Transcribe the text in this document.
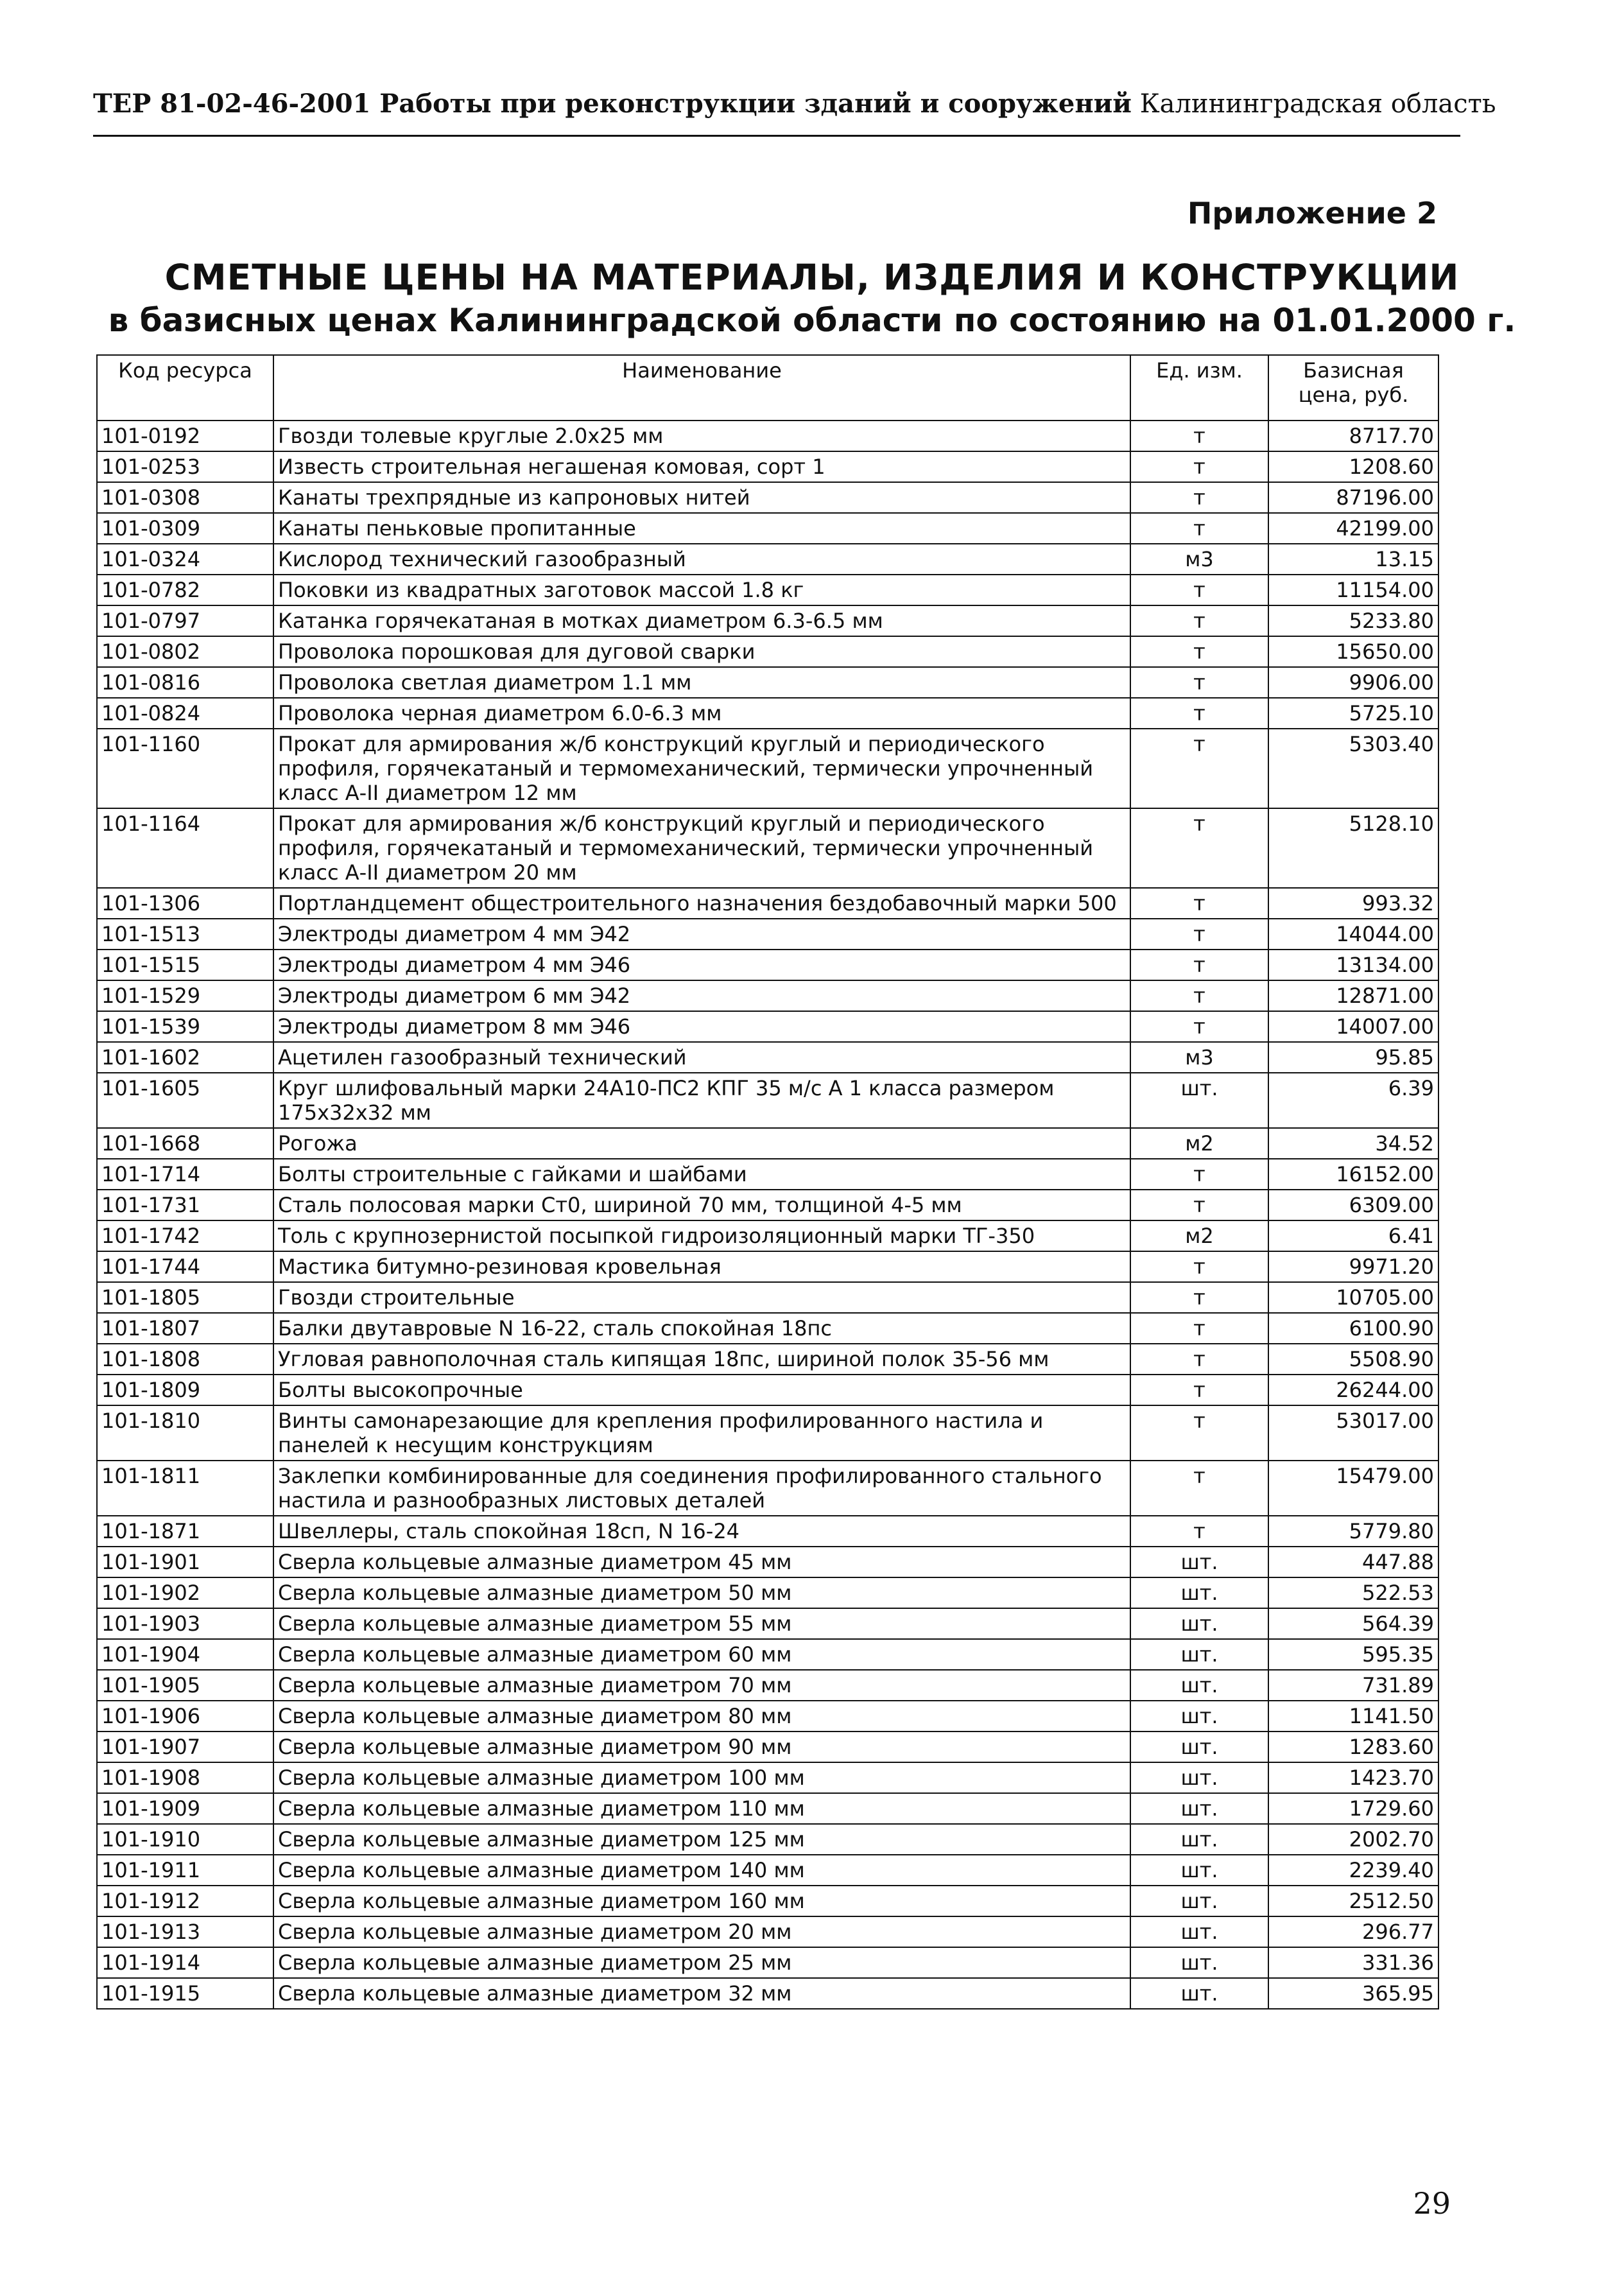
ТЕР 81-02-46-2001 Работы при реконструкции зданий и сооружений Калининградская область
Приложение 2
СМЕТНЫЕ ЦЕНЫ НА МАТЕРИАЛЫ, ИЗДЕЛИЯ И КОНСТРУКЦИИ
в базисных ценах Калининградской области по состоянию на 01.01.2000 г.
Код ресурса	Наименование	Ед. изм.	Базисная цена, руб.
101-0192	Гвозди толевые круглые 2.0х25 мм	т	8717.70
101-0253	Известь строительная негашеная комовая, сорт 1	т	1208.60
101-0308	Канаты трехпрядные из капроновых нитей	т	87196.00
101-0309	Канаты пеньковые пропитанные	т	42199.00
101-0324	Кислород технический газообразный	м3	13.15
101-0782	Поковки из квадратных заготовок массой 1.8 кг	т	11154.00
101-0797	Катанка горячекатаная в мотках диаметром 6.3-6.5 мм	т	5233.80
101-0802	Проволока порошковая для дуговой сварки	т	15650.00
101-0816	Проволока светлая диаметром 1.1 мм	т	9906.00
101-0824	Проволока черная диаметром 6.0-6.3 мм	т	5725.10
101-1160	Прокат для армирования ж/б конструкций круглый и периодического профиля, горячекатаный и термомеханический, термически упрочненный класс А-II диаметром 12 мм	т	5303.40
101-1164	Прокат для армирования ж/б конструкций круглый и периодического профиля, горячекатаный и термомеханический, термически упрочненный класс А-II диаметром 20 мм	т	5128.10
101-1306	Портландцемент общестроительного назначения бездобавочный марки 500	т	993.32
101-1513	Электроды диаметром 4 мм Э42	т	14044.00
101-1515	Электроды диаметром 4 мм Э46	т	13134.00
101-1529	Электроды диаметром 6 мм Э42	т	12871.00
101-1539	Электроды диаметром 8 мм Э46	т	14007.00
101-1602	Ацетилен газообразный технический	м3	95.85
101-1605	Круг шлифовальный марки 24А10-ПС2 КПГ 35 м/с А 1 класса размером 175х32х32 мм	шт.	6.39
101-1668	Рогожа	м2	34.52
101-1714	Болты строительные с гайками и шайбами	т	16152.00
101-1731	Сталь полосовая марки Ст0, шириной 70 мм, толщиной 4-5 мм	т	6309.00
101-1742	Толь с крупнозернистой посыпкой гидроизоляционный марки ТГ-350	м2	6.41
101-1744	Мастика битумно-резиновая кровельная	т	9971.20
101-1805	Гвозди строительные	т	10705.00
101-1807	Балки двутавровые N 16-22, сталь спокойная 18пс	т	6100.90
101-1808	Угловая равнополочная сталь кипящая 18пс, шириной полок 35-56 мм	т	5508.90
101-1809	Болты высокопрочные	т	26244.00
101-1810	Винты самонарезающие для крепления профилированного настила и панелей к несущим конструкциям	т	53017.00
101-1811	Заклепки комбинированные для соединения профилированного стального настила и разнообразных листовых деталей	т	15479.00
101-1871	Швеллеры, сталь спокойная 18сп, N 16-24	т	5779.80
101-1901	Сверла кольцевые алмазные диаметром 45 мм	шт.	447.88
101-1902	Сверла кольцевые алмазные диаметром 50 мм	шт.	522.53
101-1903	Сверла кольцевые алмазные диаметром 55 мм	шт.	564.39
101-1904	Сверла кольцевые алмазные диаметром 60 мм	шт.	595.35
101-1905	Сверла кольцевые алмазные диаметром 70 мм	шт.	731.89
101-1906	Сверла кольцевые алмазные диаметром 80 мм	шт.	1141.50
101-1907	Сверла кольцевые алмазные диаметром 90 мм	шт.	1283.60
101-1908	Сверла кольцевые алмазные диаметром 100 мм	шт.	1423.70
101-1909	Сверла кольцевые алмазные диаметром 110 мм	шт.	1729.60
101-1910	Сверла кольцевые алмазные диаметром 125 мм	шт.	2002.70
101-1911	Сверла кольцевые алмазные диаметром 140 мм	шт.	2239.40
101-1912	Сверла кольцевые алмазные диаметром 160 мм	шт.	2512.50
101-1913	Сверла кольцевые алмазные диаметром 20 мм	шт.	296.77
101-1914	Сверла кольцевые алмазные диаметром 25 мм	шт.	331.36
101-1915	Сверла кольцевые алмазные диаметром 32 мм	шт.	365.95
29
